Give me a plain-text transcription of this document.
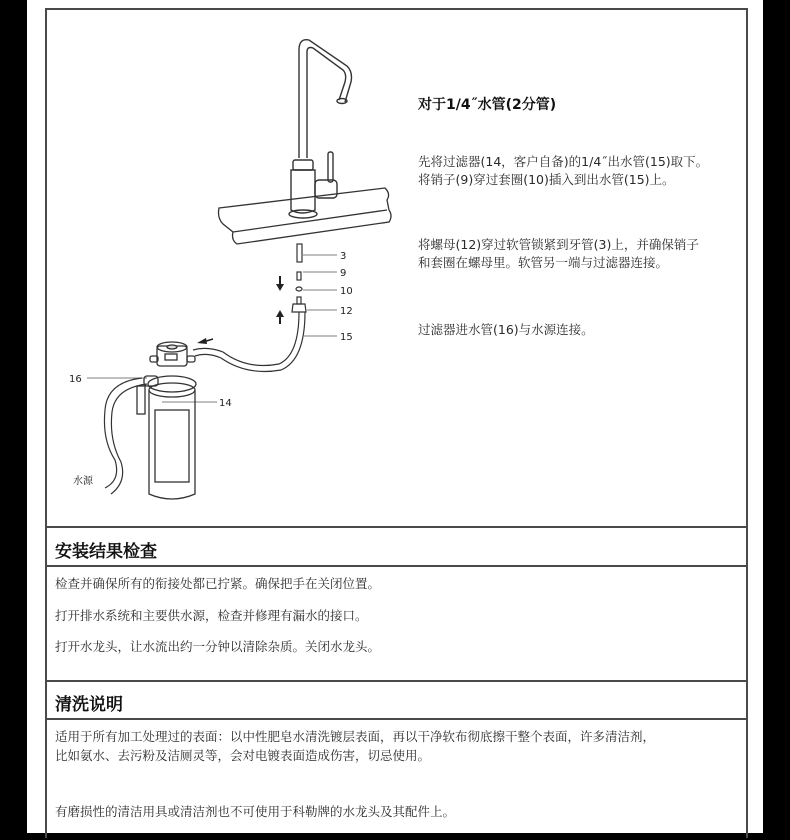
3
9
10
12
15
16
14
水源
对于1/4˝水管(2分管)
先将过滤器(14，客户自备)的1/4˝出水管(15)取下。
将销子(9)穿过套圈(10)插入到出水管(15)上。
将螺母(12)穿过软管锁紧到牙管(3)上，并确保销子
和套圈在螺母里。软管另一端与过滤器连接。
过滤器进水管(16)与水源连接。
安装结果检查
检查并确保所有的衔接处都已拧紧。确保把手在关闭位置。
打开排水系统和主要供水源，检查并修理有漏水的接口。
打开水龙头，让水流出约一分钟以清除杂质。关闭水龙头。
清洗说明
适用于所有加工处理过的表面：以中性肥皂水清洗镀层表面，再以干净软布彻底擦干整个表面，许多清洁剂，
比如氨水、去污粉及洁厕灵等，会对电镀表面造成伤害，切忌使用。
有磨损性的清洁用具或清洁剂也不可使用于科勒牌的水龙头及其配件上。
